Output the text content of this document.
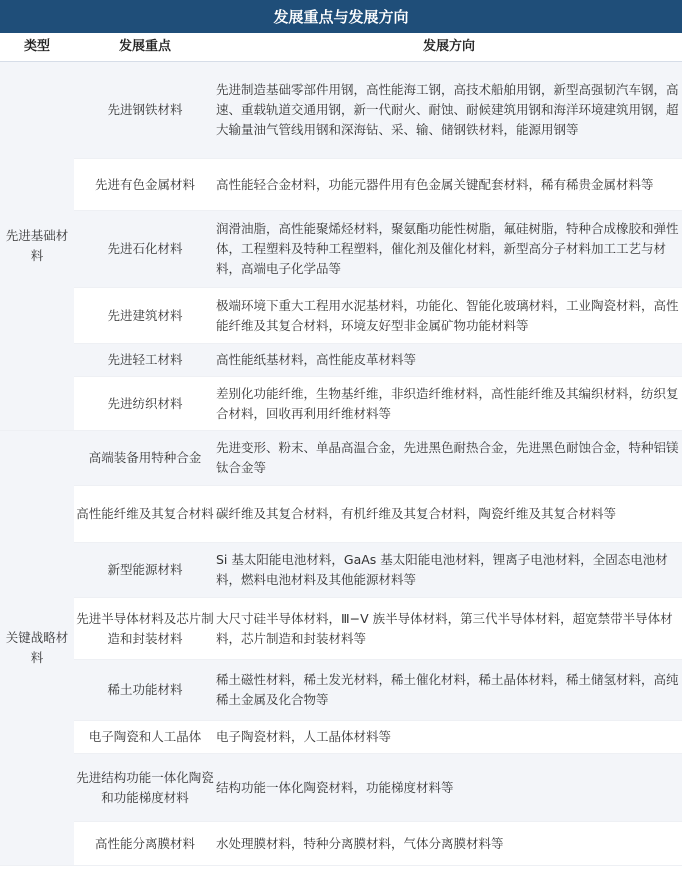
发展重点与发展方向
类型	发展重点	发展方向
先进基础材料	先进钢铁材料	先进制造基础零部件用钢，高性能海工钢，高技术船舶用钢，新型高强韧汽车钢，高速、重载轨道交通用钢，新一代耐火、耐蚀、耐候建筑用钢和海洋环境建筑用钢，超大输量油气管线用钢和深海钻、采、输、储钢铁材料，能源用钢等
	先进有色金属材料	高性能轻合金材料，功能元器件用有色金属关键配套材料，稀有稀贵金属材料等
	先进石化材料	润滑油脂，高性能聚烯烃材料，聚氨酯功能性树脂，氟硅树脂，特种合成橡胶和弹性体，工程塑料及特种工程塑料，催化剂及催化材料，新型高分子材料加工工艺与材料，高端电子化学品等
	先进建筑材料	极端环境下重大工程用水泥基材料，功能化、智能化玻璃材料，工业陶瓷材料，高性能纤维及其复合材料，环境友好型非金属矿物功能材料等
	先进轻工材料	高性能纸基材料，高性能皮革材料等
	先进纺织材料	差别化功能纤维，生物基纤维，非织造纤维材料，高性能纤维及其编织材料，纺织复合材料，回收再利用纤维材料等
关键战略材料	高端装备用特种合金	先进变形、粉末、单晶高温合金，先进黑色耐热合金，先进黑色耐蚀合金，特种铝镁钛合金等
	高性能纤维及其复合材料	碳纤维及其复合材料，有机纤维及其复合材料，陶瓷纤维及其复合材料等
	新型能源材料	Si 基太阳能电池材料，GaAs 基太阳能电池材料，锂离子电池材料，全固态电池材料，燃料电池材料及其他能源材料等
	先进半导体材料及芯片制造和封装材料	大尺寸硅半导体材料，Ⅲ−Ⅴ 族半导体材料，第三代半导体材料，超宽禁带半导体材料，芯片制造和封装材料等
	稀土功能材料	稀土磁性材料，稀土发光材料，稀土催化材料，稀土晶体材料，稀土储氢材料，高纯稀土金属及化合物等
	电子陶瓷和人工晶体	电子陶瓷材料，人工晶体材料等
	先进结构功能一体化陶瓷和功能梯度材料	结构功能一体化陶瓷材料，功能梯度材料等
	高性能分离膜材料	水处理膜材料，特种分离膜材料，气体分离膜材料等
